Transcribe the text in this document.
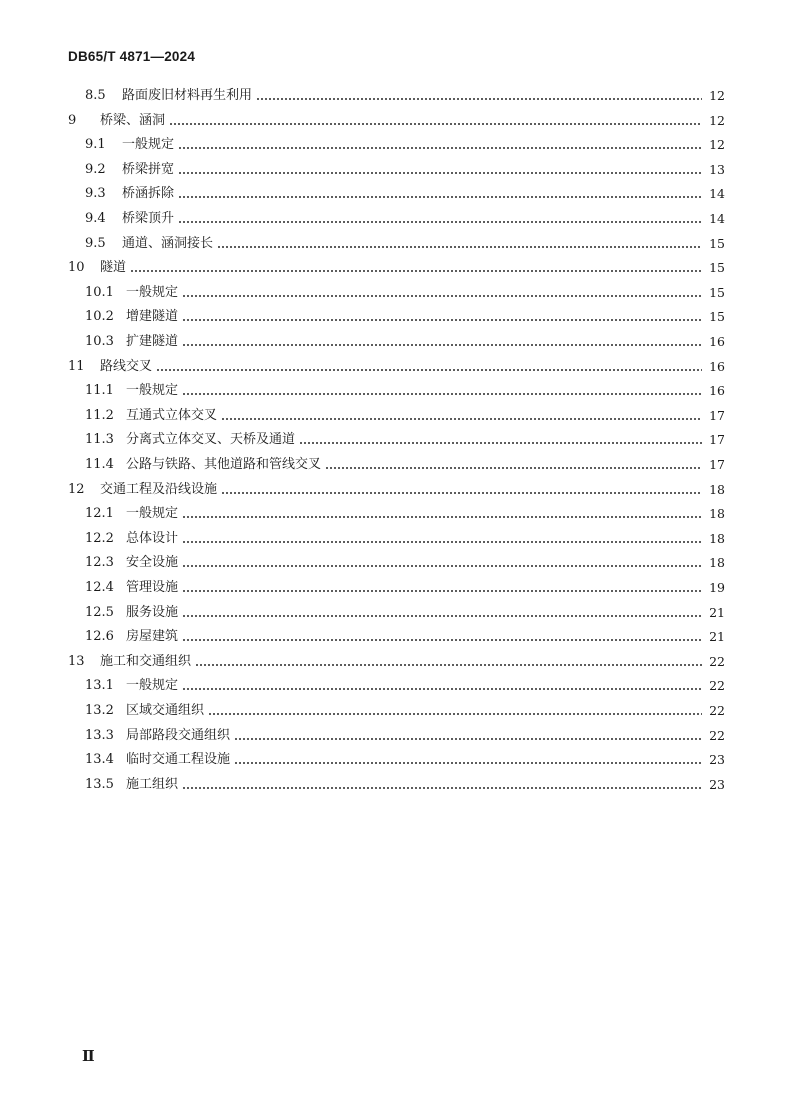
DB65/T 4871—2024
8.5 路面废旧材料再生利用	12
9 桥梁、涵洞	12
9.1 一般规定	12
9.2 桥梁拼宽	13
9.3 桥涵拆除	14
9.4 桥梁顶升	14
9.5 通道、涵洞接长	15
10 隧道	15
10.1 一般规定	15
10.2 增建隧道	15
10.3 扩建隧道	16
11 路线交叉	16
11.1 一般规定	16
11.2 互通式立体交叉	17
11.3 分离式立体交叉、天桥及通道	17
11.4 公路与铁路、其他道路和管线交叉	17
12 交通工程及沿线设施	18
12.1 一般规定	18
12.2 总体设计	18
12.3 安全设施	18
12.4 管理设施	19
12.5 服务设施	21
12.6 房屋建筑	21
13 施工和交通组织	22
13.1 一般规定	22
13.2 区域交通组织	22
13.3 局部路段交通组织	22
13.4 临时交通工程设施	23
13.5 施工组织	23
Ⅱ
